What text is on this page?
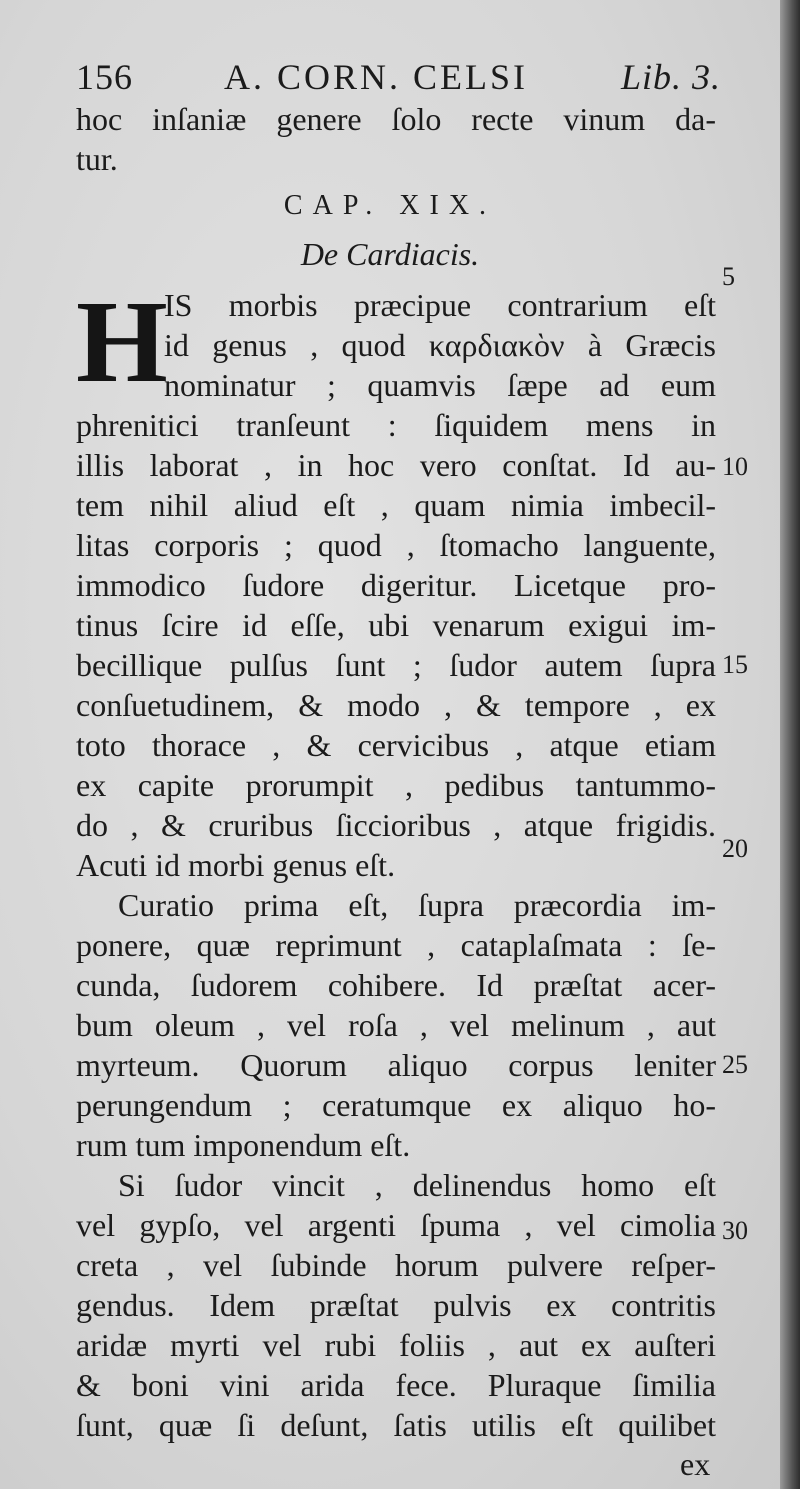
156	A. CORN. CELSI	Lib. 3.
hoc inſaniæ genere ſolo recte vinum da-
tur.
CAP. XIX.
De Cardiacis.
H
IS morbis præcipue contrarium eſt
id genus , quod καρδιακὸν à Græcis
nominatur ; quamvis ſæpe ad eum
phrenitici tranſeunt : ſiquidem mens in
illis laborat , in hoc vero conſtat. Id au-
tem nihil aliud eſt , quam nimia imbecil-
litas corporis ; quod , ſtomacho languente,
immodico ſudore digeritur. Licetque pro-
tinus ſcire id eſſe, ubi venarum exigui im-
becillique pulſus ſunt ; ſudor autem ſupra
conſuetudinem, & modo , & tempore , ex
toto thorace , & cervicibus , atque etiam
ex capite prorumpit , pedibus tantummo-
do , & cruribus ſiccioribus , atque frigidis.
Acuti id morbi genus eſt.
Curatio prima eſt, ſupra præcordia im-
ponere, quæ reprimunt , cataplaſmata : ſe-
cunda, ſudorem cohibere. Id præſtat acer-
bum oleum , vel roſa , vel melinum , aut
myrteum. Quorum aliquo corpus leniter
perungendum ; ceratumque ex aliquo ho-
rum tum imponendum eſt.
Si ſudor vincit , delinendus homo eſt
vel gypſo, vel argenti ſpuma , vel cimolia
creta , vel ſubinde horum pulvere reſper-
gendus. Idem præſtat pulvis ex contritis
aridæ myrti vel rubi foliis , aut ex auſteri
& boni vini arida fece. Pluraque ſimilia
ſunt, quæ ſi deſunt, ſatis utilis eſt quilibet
ex
5
10
15
20
25
30
